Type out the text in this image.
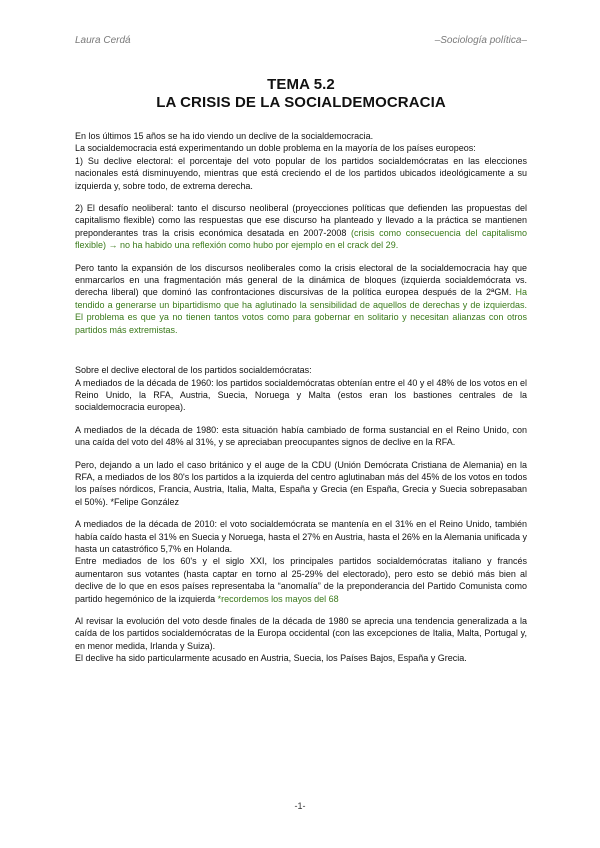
Laura Cerdá	–Sociología política–
TEMA 5.2
LA CRISIS DE LA SOCIALDEMOCRACIA

En los últimos 15 años se ha ido viendo un declive de la socialdemocracia.

La socialdemocracia está experimentando un doble problema en la mayoría de los países europeos:

1) Su declive electoral: el porcentaje del voto popular de los partidos socialdemócratas en las elecciones nacionales está disminuyendo, mientras que está creciendo el de los partidos ubicados ideológicamente a su izquierda y, sobre todo, de extrema derecha.

2) El desafío neoliberal: tanto el discurso neoliberal (proyecciones políticas que defienden las propuestas del capitalismo flexible) como las respuestas que ese discurso ha planteado y llevado a la práctica se mantienen preponderantes tras la crisis económica desatada en 2007-2008 (crisis como consecuencia del capitalismo flexible) → no ha habido una reflexión como hubo por ejemplo en el crack del 29.

Pero tanto la expansión de los discursos neoliberales como la crisis electoral de la socialdemocracia hay que enmarcarlos en una fragmentación más general de la dinámica de bloques (izquierda socialdemócrata vs. derecha liberal) que dominó las confrontaciones discursivas de la política europea después de la 2ªGM. Ha tendido a generarse un bipartidismo que ha aglutinado la sensibilidad de aquellos de derechas y de izquierdas. El problema es que ya no tienen tantos votos como para gobernar en solitario y necesitan alianzas con otros partidos más extremistas.

Sobre el declive electoral de los partidos socialdemócratas:

A mediados de la década de 1960: los partidos socialdemócratas obtenían entre el 40 y el 48% de los votos en el Reino Unido, la RFA, Austria, Suecia, Noruega y Malta (estos eran los bastiones centrales de la socialdemocracia europea).

A mediados de la década de 1980: esta situación había cambiado de forma sustancial en el Reino Unido, con una caída del voto del 48% al 31%, y se apreciaban preocupantes signos de declive en la RFA.

Pero, dejando a un lado el caso británico y el auge de la CDU (Unión Demócrata Cristiana de Alemania) en la RFA, a mediados de los 80's los partidos a la izquierda del centro aglutinaban más del 45% de los votos en todos los países nórdicos, Francia, Austria, Italia, Malta, España y Grecia (en España, Grecia y Suecia sobrepasaban el 50%). *Felipe González

A mediados de la década de 2010: el voto socialdemócrata se mantenía en el 31% en el Reino Unido, también había caído hasta el 31% en Suecia y Noruega, hasta el 27% en Austria, hasta el 26% en la Alemania unificada y hasta un catastrófico 5,7% en Holanda.

Entre mediados de los 60's y el siglo XXI, los principales partidos socialdemócratas italiano y francés aumentaron sus votantes (hasta captar en torno al 25-29% del electorado), pero esto se debió más bien al declive de lo que en esos países representaba la “anomalía” de la preponderancia del Partido Comunista como partido hegemónico de la izquierda *recordemos los mayos del 68

Al revisar la evolución del voto desde finales de la década de 1980 se aprecia una tendencia generalizada a la caída de los partidos socialdemócratas de la Europa occidental (con las excepciones de Italia, Malta, Portugal y, en menor medida, Irlanda y Suiza).

El declive ha sido particularmente acusado en Austria, Suecia, los Países Bajos, España y Grecia.

-1-
